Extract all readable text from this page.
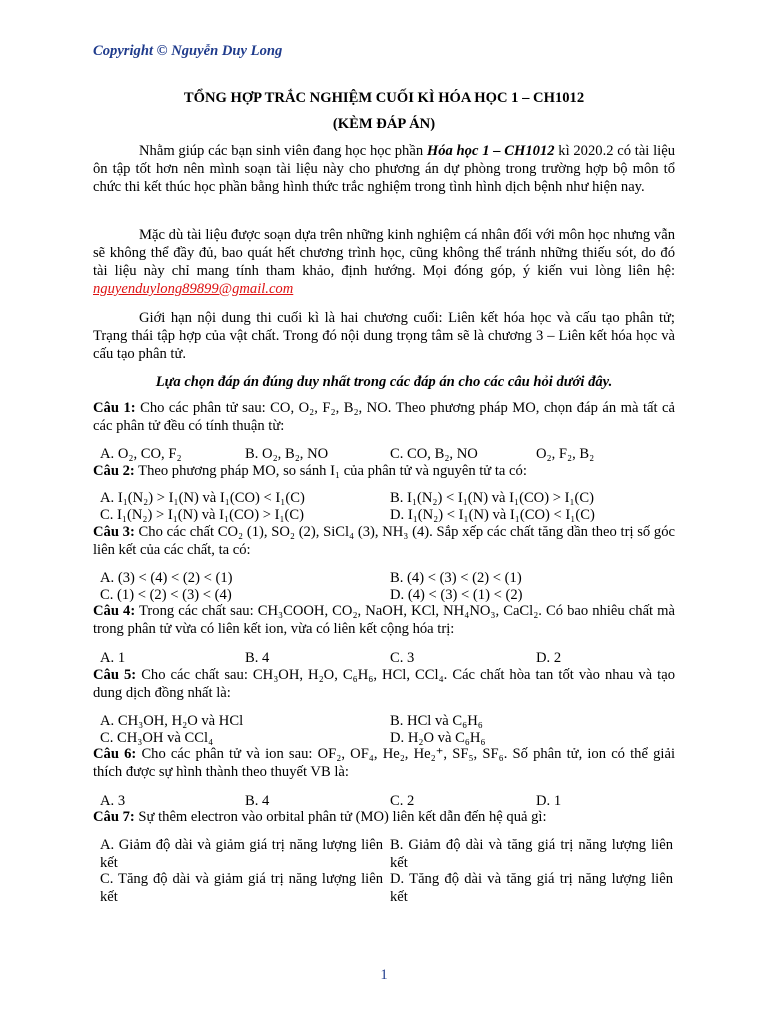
Copyright © Nguyễn Duy Long
TỔNG HỢP TRẮC NGHIỆM CUỐI KÌ HÓA HỌC 1 – CH1012
(KÈM ĐÁP ÁN)
Nhằm giúp các bạn sinh viên đang học học phần Hóa học 1 – CH1012 kì 2020.2 có tài liệu ôn tập tốt hơn nên mình soạn tài liệu này cho phương án dự phòng trong trường hợp bộ môn tổ chức thi kết thúc học phần bằng hình thức trắc nghiệm trong tình hình dịch bệnh như hiện nay.
Mặc dù tài liệu được soạn dựa trên những kinh nghiệm cá nhân đối với môn học nhưng vẫn sẽ không thể đầy đủ, bao quát hết chương trình học, cũng không thể tránh những thiếu sót, do đó tài liệu này chỉ mang tính tham khảo, định hướng. Mọi đóng góp, ý kiến vui lòng liên hệ: nguyenduylong89899@gmail.com
Giới hạn nội dung thi cuối kì là hai chương cuối: Liên kết hóa học và cấu tạo phân tử; Trạng thái tập hợp của vật chất. Trong đó nội dung trọng tâm sẽ là chương 3 – Liên kết hóa học và cấu tạo phân tử.
Lựa chọn đáp án đúng duy nhất trong các đáp án cho các câu hỏi dưới đây.
Câu 1: Cho các phân tử sau: CO, O₂, F₂, B₂, NO. Theo phương pháp MO, chọn đáp án mà tất cả các phân tử đều có tính thuận từ:
A. O₂, CO, F₂	B. O₂, B₂, NO	C. CO, B₂, NO	O₂, F₂, B₂
Câu 2: Theo phương pháp MO, so sánh I₁ của phân tử và nguyên tử ta có:
A. I₁(N₂) > I₁(N) và I₁(CO) < I₁(C)	B. I₁(N₂) < I₁(N) và I₁(CO) > I₁(C)
C. I₁(N₂) > I₁(N) và I₁(CO) > I₁(C)	D. I₁(N₂) < I₁(N) và I₁(CO) < I₁(C)
Câu 3: Cho các chất CO₂ (1), SO₂ (2), SiCl₄ (3), NH₃ (4). Sắp xếp các chất tăng dần theo trị số góc liên kết của các chất, ta có:
A. (3) < (4) < (2) < (1)	B. (4) < (3) < (2) < (1)
C. (1) < (2) < (3) < (4)	D. (4) < (3) < (1) < (2)
Câu 4: Trong các chất sau: CH₃COOH, CO₂, NaOH, KCl, NH₄NO₃, CaCl₂. Có bao nhiêu chất mà trong phân tử vừa có liên kết ion, vừa có liên kết cộng hóa trị:
A. 1	B. 4	C. 3	D. 2
Câu 5: Cho các chất sau: CH₃OH, H₂O, C₆H₆, HCl, CCl₄. Các chất hòa tan tốt vào nhau và tạo dung dịch đồng nhất là:
A. CH₃OH, H₂O và HCl	B. HCl và C₆H₆
C. CH₃OH và CCl₄	D. H₂O và C₆H₆
Câu 6: Cho các phân tử và ion sau: OF₂, OF₄, He₂, He₂⁺, SF₅, SF₆. Số phân tử, ion có thể giải thích được sự hình thành theo thuyết VB là:
A. 3	B. 4	C. 2	D. 1
Câu 7: Sự thêm electron vào orbital phân tử (MO) liên kết dẫn đến hệ quả gì:
A. Giảm độ dài và giảm giá trị năng lượng liên kết
B. Giảm độ dài và tăng giá trị năng lượng liên kết
C. Tăng độ dài và giảm giá trị năng lượng liên kết
D. Tăng độ dài và tăng giá trị năng lượng liên kết
1
